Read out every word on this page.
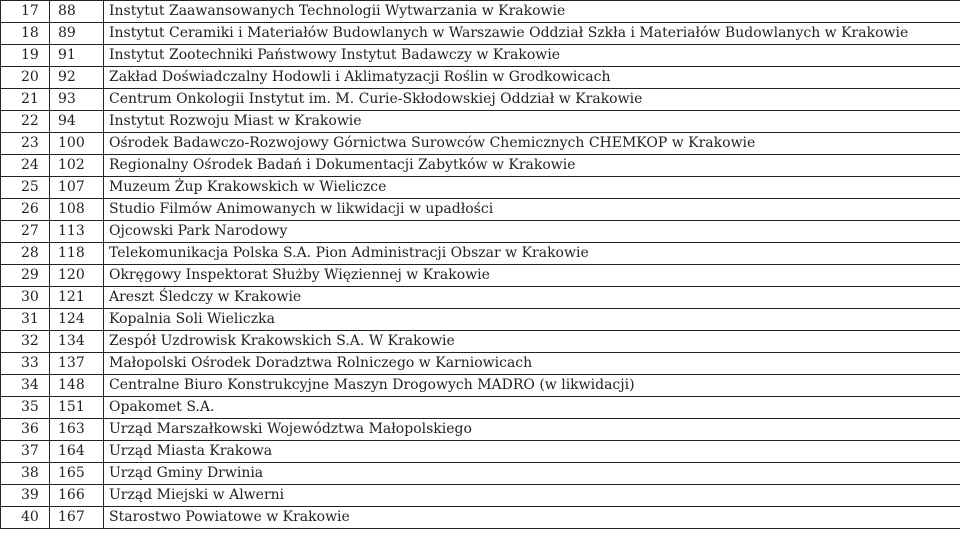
17	88	Instytut Zaawansowanych Technologii Wytwarzania w Krakowie
18	89	Instytut Ceramiki i Materiałów Budowlanych w Warszawie Oddział Szkła i Materiałów Budowlanych w Krakowie
19	91	Instytut Zootechniki Państwowy Instytut Badawczy w Krakowie
20	92	Zakład Doświadczalny Hodowli i Aklimatyzacji Roślin w Grodkowicach
21	93	Centrum Onkologii Instytut im. M. Curie-Skłodowskiej Oddział w Krakowie
22	94	Instytut Rozwoju Miast w Krakowie
23	100	Ośrodek Badawczo-Rozwojowy Górnictwa Surowców Chemicznych CHEMKOP w Krakowie
24	102	Regionalny Ośrodek Badań i Dokumentacji Zabytków w Krakowie
25	107	Muzeum Żup Krakowskich w Wieliczce
26	108	Studio Filmów Animowanych w likwidacji w upadłości
27	113	Ojcowski Park Narodowy
28	118	Telekomunikacja Polska S.A. Pion Administracji Obszar w Krakowie
29	120	Okręgowy Inspektorat Służby Więziennej w Krakowie
30	121	Areszt Śledczy w Krakowie
31	124	Kopalnia Soli Wieliczka
32	134	Zespół Uzdrowisk Krakowskich S.A. W Krakowie
33	137	Małopolski Ośrodek Doradztwa Rolniczego w Karniowicach
34	148	Centralne Biuro Konstrukcyjne Maszyn Drogowych MADRO (w likwidacji)
35	151	Opakomet S.A.
36	163	Urząd Marszałkowski Województwa Małopolskiego
37	164	Urząd Miasta Krakowa
38	165	Urząd Gminy Drwinia
39	166	Urząd Miejski w Alwerni
40	167	Starostwo Powiatowe w Krakowie
